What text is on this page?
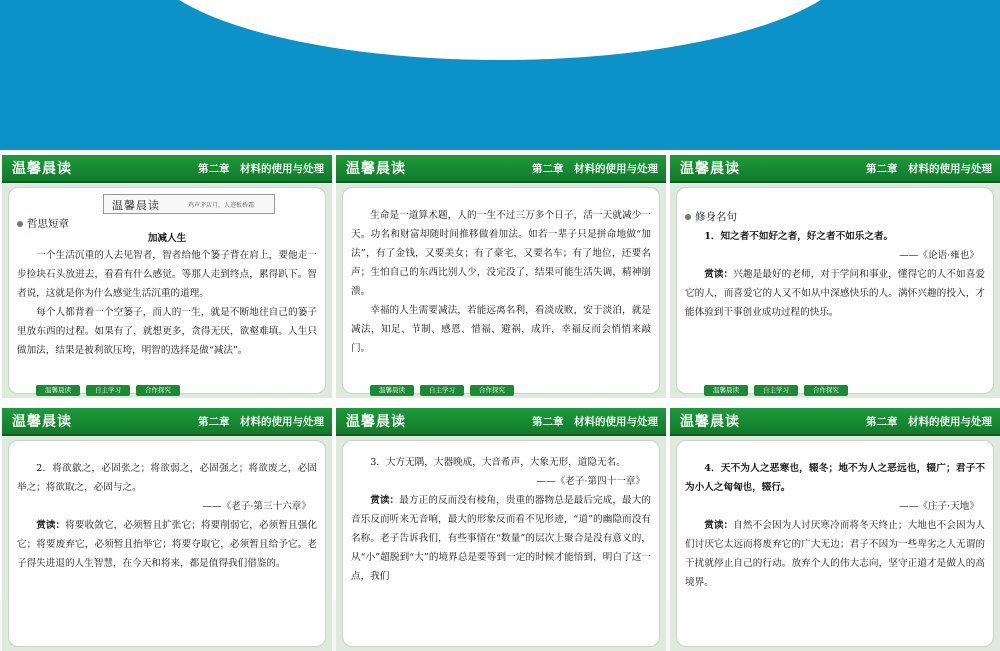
温馨晨读	第二章　材料的使用与处理
温馨晨读	鸡声茅店月，人迹板桥霜
哲思短章
加减人生

一个生活沉重的人去见智者，智者给他个篓子背在肩上，要他走一步捡块石头放进去，看看有什么感觉。等那人走到终点，累得趴下。智者说，这就是你为什么感觉生活沉重的道理。

每个人都背着一个空篓子，而人的一生，就是不断地往自己的篓子里放东西的过程。如果有了，就想更多，贪得无厌，欲壑难填。人生只做加法，结果是被利欲压垮，明智的选择是做“减法”。

温馨晨读	自主学习	合作探究
温馨晨读	第二章　材料的使用与处理

生命是一道算术题，人的一生不过三万多个日子，活一天就减少一天。功名和财富却随时间推移做着加法。如若一辈子只是拼命地做“加法”，有了金钱，又要美女；有了豪宅，又要名车；有了地位，还要名声；生怕自己的东西比别人少，没完没了，结果可能生活失调，精神崩溃。

幸福的人生需要减法，若能远离名利，看淡成败，安于淡泊，就是减法，知足、节制、感恩、惜福、避祸，成许，幸福反而会悄悄来敲门。

温馨晨读	自主学习	合作探究
温馨晨读	第二章　材料的使用与处理
修身名句

1．知之者不如好之者，好之者不如乐之者。

——《论语·雍也》

赏读：兴趣是最好的老师，对于学问和事业，懂得它的人不如喜爱它的人，而喜爱它的人又不如从中深感快乐的人。满怀兴趣的投入，才能体验到干事创业成功过程的快乐。

温馨晨读	自主学习	合作探究
温馨晨读	第二章　材料的使用与处理

2．将欲歙之，必固张之；将欲弱之，必固强之；将欲废之，必固举之；将欲取之，必固与之。

——《老子·第三十六章》

赏读：将要收敛它，必须暂且扩张它；将要削弱它，必须暂且强化它；将要废弃它，必须暂且抬举它；将要夺取它，必须暂且给予它。老子得失进退的人生智慧，在今天和将来，都是值得我们借鉴的。

温馨晨读	第二章　材料的使用与处理

3．大方无隅，大器晚成，大音希声，大象无形，道隐无名。

——《老子·第四十一章》

赏读：最方正的反而没有棱角，贵重的器物总是最后完成，最大的音乐反而听来无音响，最大的形象反而看不见形迹，“道”的幽隐而没有名称。老子告诉我们，有些事情在“数量”的层次上聚合是没有意义的，从“小”超脱到“大”的境界总是要等到一定的时候才能悟到，明白了这一点，我们

温馨晨读	第二章　材料的使用与处理

4．天不为人之恶寒也，辍冬；地不为人之恶远也，辍广；君子不为小人之匈匈也，辍行。

——《庄子·天地》

赏读：自然不会因为人讨厌寒冷而将冬天终止；大地也不会因为人们讨厌它太远而将废弃它的广大无边；君子不因为一些卑劣之人无谓的干扰就停止自己的行动。放弃个人的伟大志向，坚守正道才是做人的高境界。
